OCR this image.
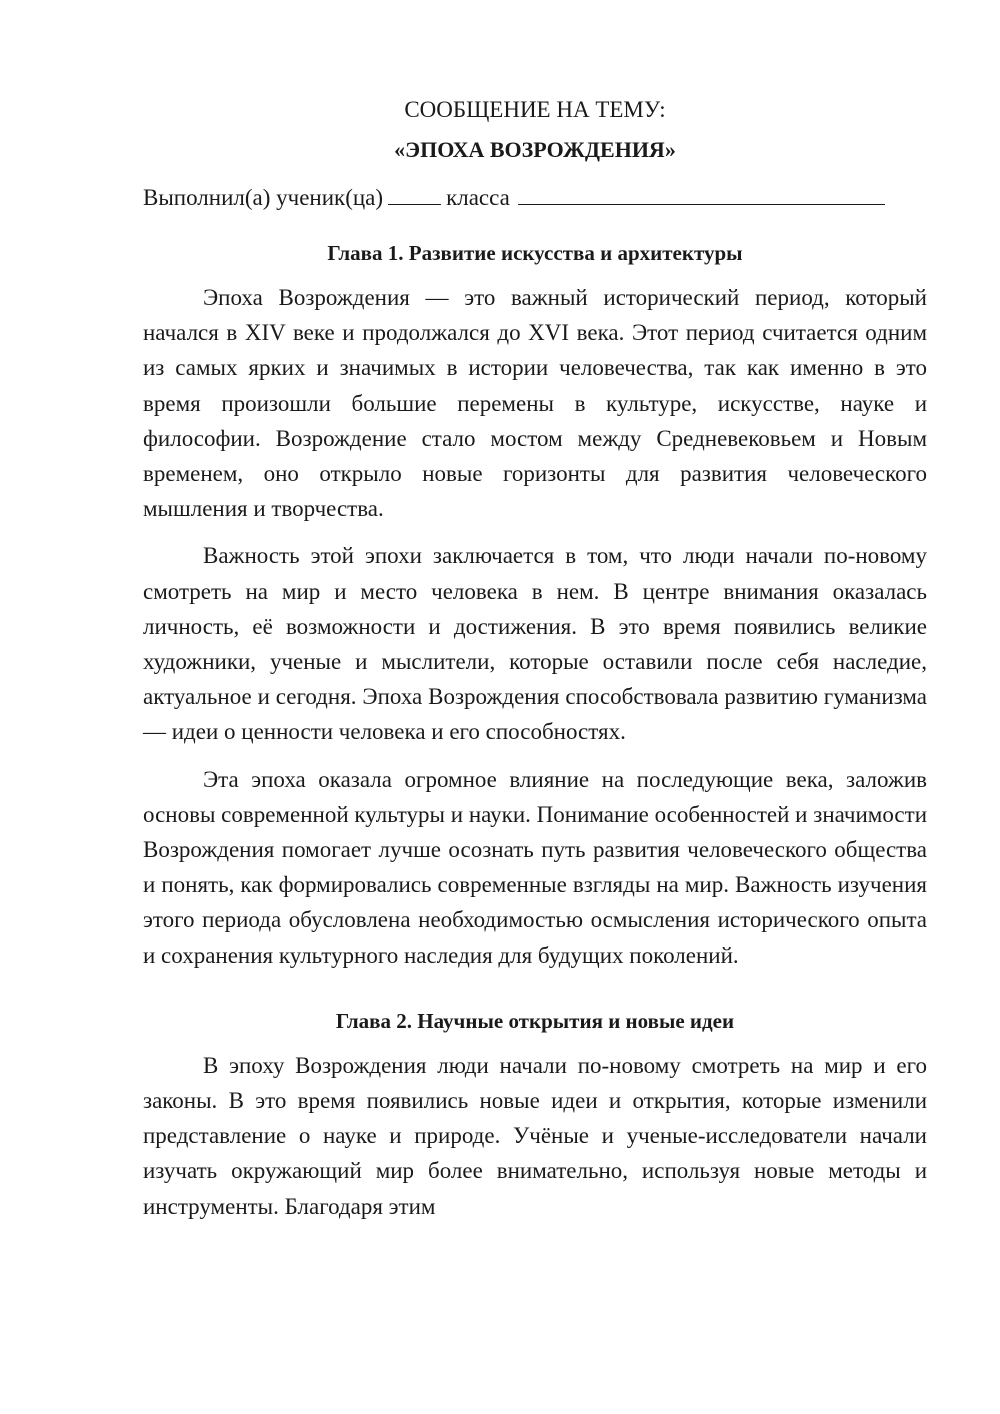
СООБЩЕНИЕ НА ТЕМУ:
«ЭПОХА ВОЗРОЖДЕНИЯ»

Выполнил(а) ученик(ца)	класса

Глава 1. Развитие искусства и архитектуры

Эпоха Возрождения — это важный исторический период, который начался в XIV веке и продолжался до XVI века. Этот период считается одним из самых ярких и значимых в истории человечества, так как именно в это время произошли большие перемены в культуре, искусстве, науке и философии. Возрождение стало мостом между Средневековьем и Новым временем, оно открыло новые горизонты для развития человеческого мышления и творчества.

Важность этой эпохи заключается в том, что люди начали по-новому смотреть на мир и место человека в нем. В центре внимания оказалась личность, её возможности и достижения. В это время появились великие художники, ученые и мыслители, которые оставили после себя наследие, актуальное и сегодня. Эпоха Возрождения способствовала развитию гуманизма — идеи о ценности человека и его способностях.

Эта эпоха оказала огромное влияние на последующие века, заложив основы современной культуры и науки. Понимание особенностей и значимости Возрождения помогает лучше осознать путь развития человеческого общества и понять, как формировались современные взгляды на мир. Важность изучения этого периода обусловлена необходимостью осмысления исторического опыта и сохранения культурного наследия для будущих поколений.

Глава 2. Научные открытия и новые идеи

В эпоху Возрождения люди начали по-новому смотреть на мир и его законы. В это время появились новые идеи и открытия, которые изменили представление о науке и природе. Учёные и ученые-исследователи начали изучать окружающий мир более внимательно, используя новые методы и инструменты. Благодаря этим
